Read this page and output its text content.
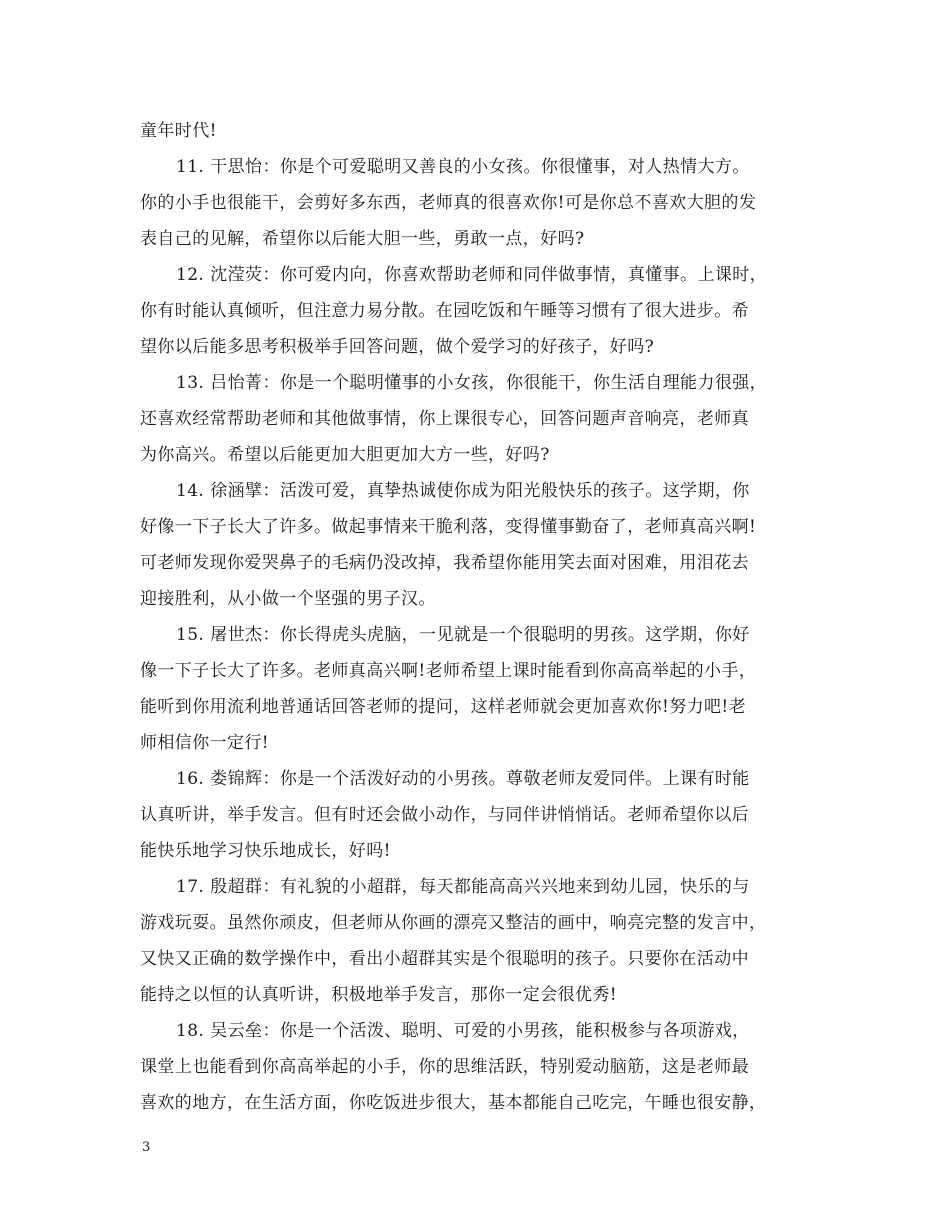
童年时代!
11. 干思怡：你是个可爱聪明又善良的小女孩。你很懂事，对人热情大方。
你的小手也很能干，会剪好多东西，老师真的很喜欢你!可是你总不喜欢大胆的发
表自己的见解，希望你以后能大胆一些，勇敢一点，好吗?
12. 沈滢荧：你可爱内向，你喜欢帮助老师和同伴做事情，真懂事。上课时，
你有时能认真倾听，但注意力易分散。在园吃饭和午睡等习惯有了很大进步。希
望你以后能多思考积极举手回答问题，做个爱学习的好孩子，好吗?
13. 吕怡菁：你是一个聪明懂事的小女孩，你很能干，你生活自理能力很强，
还喜欢经常帮助老师和其他做事情，你上课很专心，回答问题声音响亮，老师真
为你高兴。希望以后能更加大胆更加大方一些，好吗?
14. 徐涵擘：活泼可爱，真挚热诚使你成为阳光般快乐的孩子。这学期，你
好像一下子长大了许多。做起事情来干脆利落，变得懂事勤奋了，老师真高兴啊!
可老师发现你爱哭鼻子的毛病仍没改掉，我希望你能用笑去面对困难，用泪花去
迎接胜利，从小做一个坚强的男子汉。
15. 屠世杰：你长得虎头虎脑，一见就是一个很聪明的男孩。这学期，你好
像一下子长大了许多。老师真高兴啊!老师希望上课时能看到你高高举起的小手，
能听到你用流利地普通话回答老师的提问，这样老师就会更加喜欢你!努力吧!老
师相信你一定行!
16. 娄锦辉：你是一个活泼好动的小男孩。尊敬老师友爱同伴。上课有时能
认真听讲，举手发言。但有时还会做小动作，与同伴讲悄悄话。老师希望你以后
能快乐地学习快乐地成长，好吗!
17. 殷超群：有礼貌的小超群，每天都能高高兴兴地来到幼儿园，快乐的与
游戏玩耍。虽然你顽皮，但老师从你画的漂亮又整洁的画中，响亮完整的发言中，
又快又正确的数学操作中，看出小超群其实是个很聪明的孩子。只要你在活动中
能持之以恒的认真听讲，积极地举手发言，那你一定会很优秀!
18. 吴云垒：你是一个活泼、聪明、可爱的小男孩，能积极参与各项游戏，
课堂上也能看到你高高举起的小手，你的思维活跃，特别爱动脑筋，这是老师最
喜欢的地方，在生活方面，你吃饭进步很大，基本都能自己吃完，午睡也很安静，
3
